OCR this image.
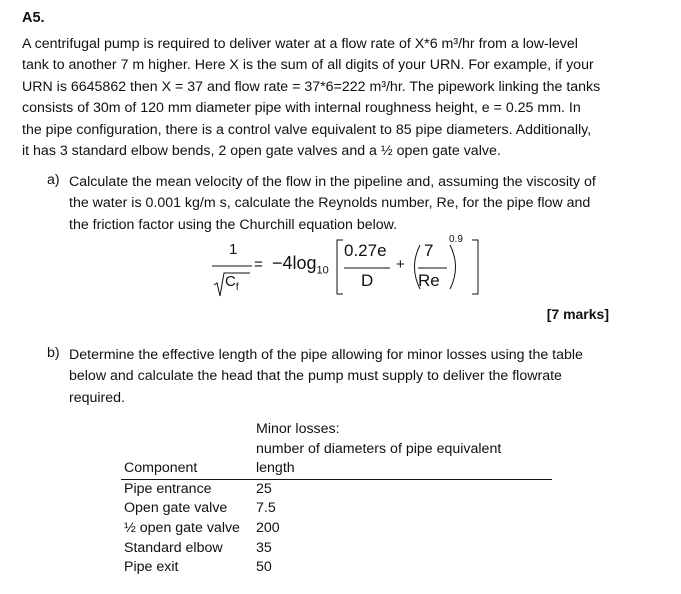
A5.
A centrifugal pump is required to deliver water at a flow rate of X*6 m³/hr from a low-level
tank to another 7 m higher. Here X is the sum of all digits of your URN. For example, if your
URN is 6645862 then X = 37 and flow rate = 37*6=222 m³/hr. The pipework linking the tanks
consists of 30m of 120 mm diameter pipe with internal roughness height, e = 0.25 mm. In
the pipe configuration, there is a control valve equivalent to 85 pipe diameters. Additionally,
it has 3 standard elbow bends, 2 open gate valves and a ½ open gate valve.
a) Calculate the mean velocity of the flow in the pipeline and, assuming the viscosity of
the water is 0.001 kg/m s, calculate the Reynolds number, Re, for the pipe flow and
the friction factor using the Churchill equation below.
1
$C_f$
= $-4\log_{10}$
0.27e
D
+
7
Re
0.9
[7 marks]
b) Determine the effective length of the pipe allowing for minor losses using the table
below and calculate the head that the pump must supply to deliver the flowrate
required.
Minor losses:
number of diameters of pipe equivalent
length
Component
Pipe entrance	25
Open gate valve 7.5
½ open gate valve 200
Standard elbow 35
Pipe exit	50
